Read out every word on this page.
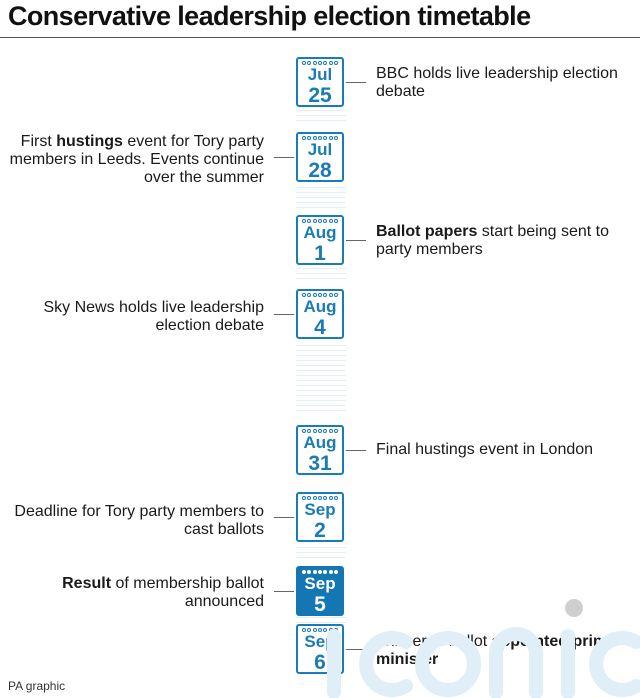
Conservative leadership election timetable
Jul
25
BBC holds live leadership election debate
Jul
28
First hustings event for Tory party members in Leeds. Events continue over the summer
Aug
1
Ballot papers start being sent to party members
Aug
4
Sky News holds live leadership election debate
Aug
31
Final hustings event in London
Sep
2
Deadline for Tory party members to cast ballots
Sep
5
Result of membership ballot announced
Sep
6
Winner of ballot appointed prime minister
PA graphic
